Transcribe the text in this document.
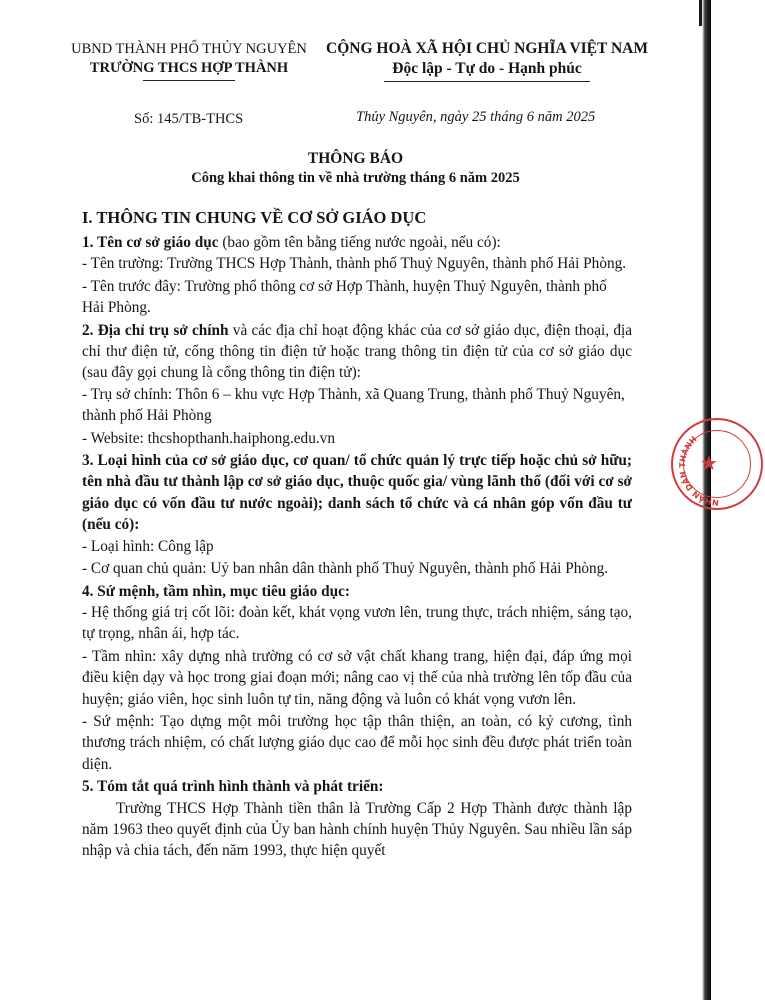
NHÂN DÂN THÀNH
★
UBND THÀNH PHỐ THỦY NGUYÊN
TRƯỜNG THCS HỢP THÀNH
CỘNG HOÀ XÃ HỘI CHỦ NGHĨA VIỆT NAM
Độc lập - Tự do - Hạnh phúc
Số: 145/TB-THCS	Thủy Nguyên, ngày 25 tháng 6 năm 2025
THÔNG BÁO
Công khai thông tin về nhà trường tháng 6 năm 2025

I. THÔNG TIN CHUNG VỀ CƠ SỞ GIÁO DỤC

1. Tên cơ sở giáo dục (bao gồm tên bằng tiếng nước ngoài, nếu có):

- Tên trường: Trường THCS Hợp Thành, thành phố Thuỷ Nguyên, thành phố Hải Phòng.

- Tên trước đây: Trường phổ thông cơ sở Hợp Thành, huyện Thuỷ Nguyên, thành phố Hải Phòng.

2. Địa chỉ trụ sở chính và các địa chỉ hoạt động khác của cơ sở giáo dục, điện thoại, địa chỉ thư điện tử, cổng thông tin điện tử hoặc trang thông tin điện tử của cơ sở giáo dục (sau đây gọi chung là cổng thông tin điện tử):

- Trụ sở chính: Thôn 6 – khu vực Hợp Thành, xã Quang Trung, thành phố Thuỷ Nguyên, thành phố Hải Phòng

- Website: thcshopthanh.haiphong.edu.vn

3. Loại hình của cơ sở giáo dục, cơ quan/ tổ chức quản lý trực tiếp hoặc chủ sở hữu; tên nhà đầu tư thành lập cơ sở giáo dục, thuộc quốc gia/ vùng lãnh thổ (đối với cơ sở giáo dục có vốn đầu tư nước ngoài); danh sách tổ chức và cá nhân góp vốn đầu tư (nếu có):

- Loại hình: Công lập

- Cơ quan chủ quản: Uỷ ban nhân dân thành phố Thuỷ Nguyên, thành phố Hải Phòng.

4. Sứ mệnh, tầm nhìn, mục tiêu giáo dục:

- Hệ thống giá trị cốt lõi: đoàn kết, khát vọng vươn lên, trung thực, trách nhiệm, sáng tạo, tự trọng, nhân ái, hợp tác.

- Tầm nhìn: xây dựng nhà trường có cơ sở vật chất khang trang, hiện đại, đáp ứng mọi điều kiện dạy và học trong giai đoạn mới; nâng cao vị thế của nhà trường lên tốp đầu của huyện; giáo viên, học sinh luôn tự tin, năng động và luôn có khát vọng vươn lên.

- Sứ mệnh: Tạo dựng một môi trường học tập thân thiện, an toàn, có kỷ cương, tình thương trách nhiệm, có chất lượng giáo dục cao để mỗi học sinh đều được phát triển toàn diện.

5. Tóm tắt quá trình hình thành và phát triển:

Trường THCS Hợp Thành tiền thân là Trường Cấp 2 Hợp Thành được thành lập năm 1963 theo quyết định của Ủy ban hành chính huyện Thủy Nguyên. Sau nhiều lần sáp nhập và chia tách, đến năm 1993, thực hiện quyết
